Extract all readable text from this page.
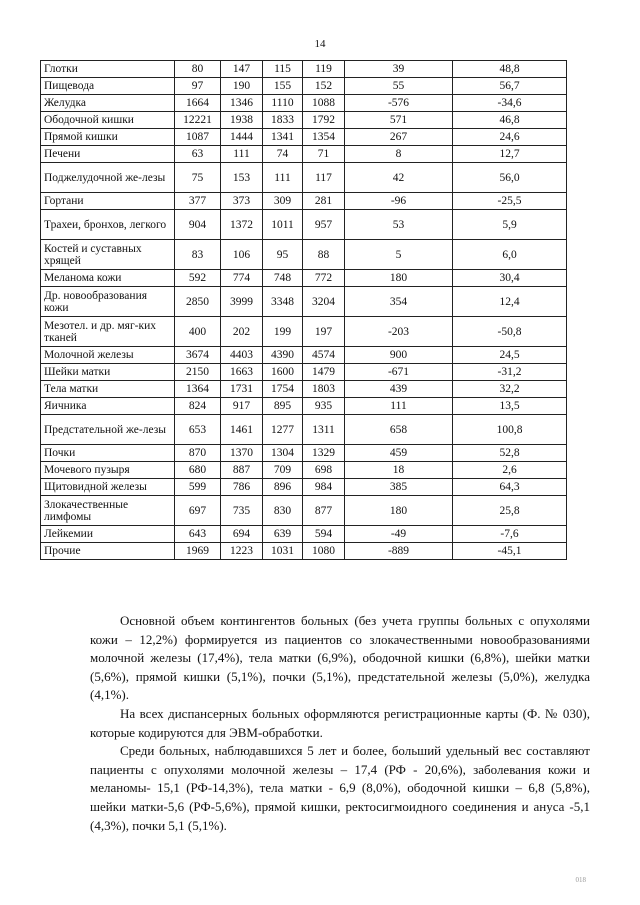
14
Глотки	80	147	115	119	39	48,8
Пищевода	97	190	155	152	55	56,7
Желудка	1664	1346	1110	1088	-576	-34,6
Ободочной кишки	12221	1938	1833	1792	571	46,8
Прямой кишки	1087	1444	1341	1354	267	24,6
Печени	63	111	74	71	8	12,7
Поджелудочной же-лезы	75	153	111	117	42	56,0
Гортани	377	373	309	281	-96	-25,5
Трахеи, бронхов, легкого	904	1372	1011	957	53	5,9
Костей и суставных хрящей	83	106	95	88	5	6,0
Меланома кожи	592	774	748	772	180	30,4
Др. новообразования кожи	2850	3999	3348	3204	354	12,4
Мезотел. и др. мяг-ких тканей	400	202	199	197	-203	-50,8
Молочной железы	3674	4403	4390	4574	900	24,5
Шейки матки	2150	1663	1600	1479	-671	-31,2
Тела матки	1364	1731	1754	1803	439	32,2
Яичника	824	917	895	935	111	13,5
Предстательной же-лезы	653	1461	1277	1311	658	100,8
Почки	870	1370	1304	1329	459	52,8
Мочевого пузыря	680	887	709	698	18	2,6
Щитовидной железы	599	786	896	984	385	64,3
Злокачественные лимфомы	697	735	830	877	180	25,8
Лейкемии	643	694	639	594	-49	-7,6
Прочие	1969	1223	1031	1080	-889	-45,1

Основной объем контингентов больных (без учета группы больных с опухолями кожи – 12,2%) формируется из пациентов со злокачественными новообразованиями молочной железы (17,4%), тела матки (6,9%), ободочной кишки (6,8%), шейки матки (5,6%), прямой кишки (5,1%), почки (5,1%), предстательной железы (5,0%), желудка (4,1%).

На всех диспансерных больных оформляются регистрационные карты (Ф. № 030), которые кодируются для ЭВМ-обработки.

Среди больных, наблюдавшихся 5 лет и более, больший удельный вес составляют пациенты с опухолями молочной железы – 17,4 (РФ - 20,6%), заболевания кожи и меланомы- 15,1 (РФ-14,3%), тела матки - 6,9 (8,0%), ободочной кишки – 6,8 (5,8%), шейки матки-5,6 (РФ-5,6%), прямой кишки, ректосигмоидного соединения и ануса -5,1 (4,3%), почки 5,1 (5,1%).

018
